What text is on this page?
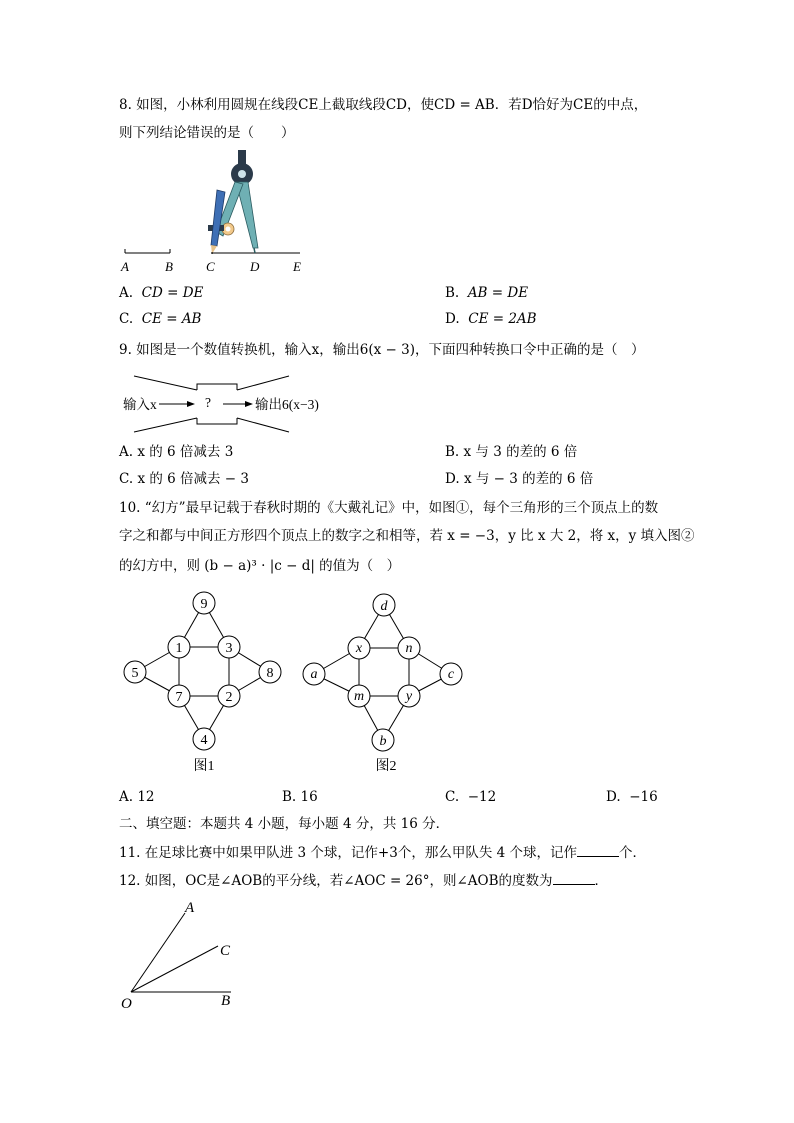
8. 如图，小林利用圆规在线段CE上截取线段CD，使CD = AB．若D恰好为CE的中点，
则下列结论错误的是（　　）
A	B	C	D	E
A. CD = DE	B. AB = DE
C. CE = AB	D. CE = 2AB
9. 如图是一个数值转换机，输入x，输出6(x − 3)，下面四种转换口令中正确的是（　）
输入x	?	输出6(x−3)
A. x 的 6 倍减去 3	B. x 与 3 的差的 6 倍
C. x 的 6 倍减去 − 3	D. x 与 − 3 的差的 6 倍
10. “幻方”最早记载于春秋时期的《大戴礼记》中，如图①，每个三角形的三个顶点上的数
字之和都与中间正方形四个顶点上的数字之和相等，若 x = −3，y 比 x 大 2，将 x，y 填入图②
的幻方中，则 (b − a)³ · |c − d| 的值为（　）
9
1	3
5	8
7	2
4
图1
d
x	n
a	c
m	y
b
图2
A. 12	B. 16	C. −12	D. −16
二、填空题：本题共 4 小题，每小题 4 分，共 16 分．
11. 在足球比赛中如果甲队进 3 个球，记作+3个，那么甲队失 4 个球，记作	个．
12. 如图，OC是∠AOB的平分线，若∠AOC = 26°，则∠AOB的度数为	．
A
C
O	B
